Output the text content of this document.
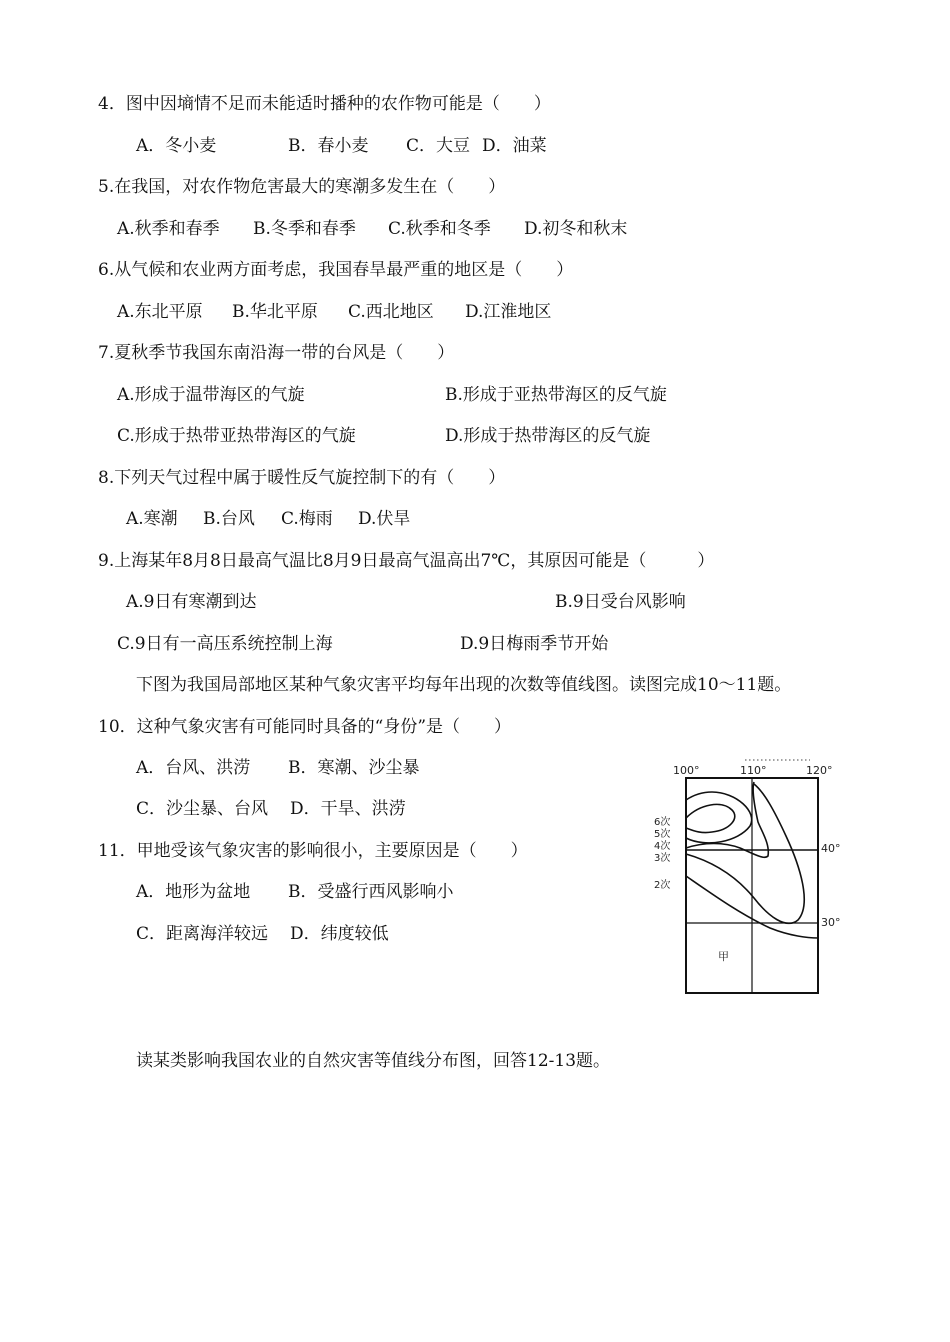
4．图中因墒情不足而未能适时播种的农作物可能是（　　）
A．冬小麦	B．春小麦 C．大豆 D．油菜
5.在我国，对农作物危害最大的寒潮多发生在（　　）
A.秋季和春季 B.冬季和春季 C.秋季和冬季 D.初冬和秋末
6.从气候和农业两方面考虑，我国春旱最严重的地区是（　　）
A.东北平原 B.华北平原 C.西北地区 D.江淮地区
7.夏秋季节我国东南沿海一带的台风是（　　）
A.形成于温带海区的气旋	B.形成于亚热带海区的反气旋
C.形成于热带亚热带海区的气旋	D.形成于热带海区的反气旋
8.下列天气过程中属于暖性反气旋控制下的有（　　）
A.寒潮 B.台风 C.梅雨 D.伏旱
9.上海某年8月8日最高气温比8月9日最高气温高出7℃，其原因可能是（　　　）
A.9日有寒潮到达	B.9日受台风影响
C.9日有一高压系统控制上海	D.9日梅雨季节开始
下图为我国局部地区某种气象灾害平均每年出现的次数等值线图。读图完成10～11题。
10．这种气象灾害有可能同时具备的“身份”是（　　）
A．台风、洪涝 B．寒潮、沙尘暴
C．沙尘暴、台风 D．干旱、洪涝
11．甲地受该气象灾害的影响很小，主要原因是（　　）
A．地形为盆地 B．受盛行西风影响小
C．距离海洋较远 D．纬度较低
100°	110°	120°
40°
30°
6次
5次
4次
3次
2次
甲
读某类影响我国农业的自然灾害等值线分布图，回答12-13题。
